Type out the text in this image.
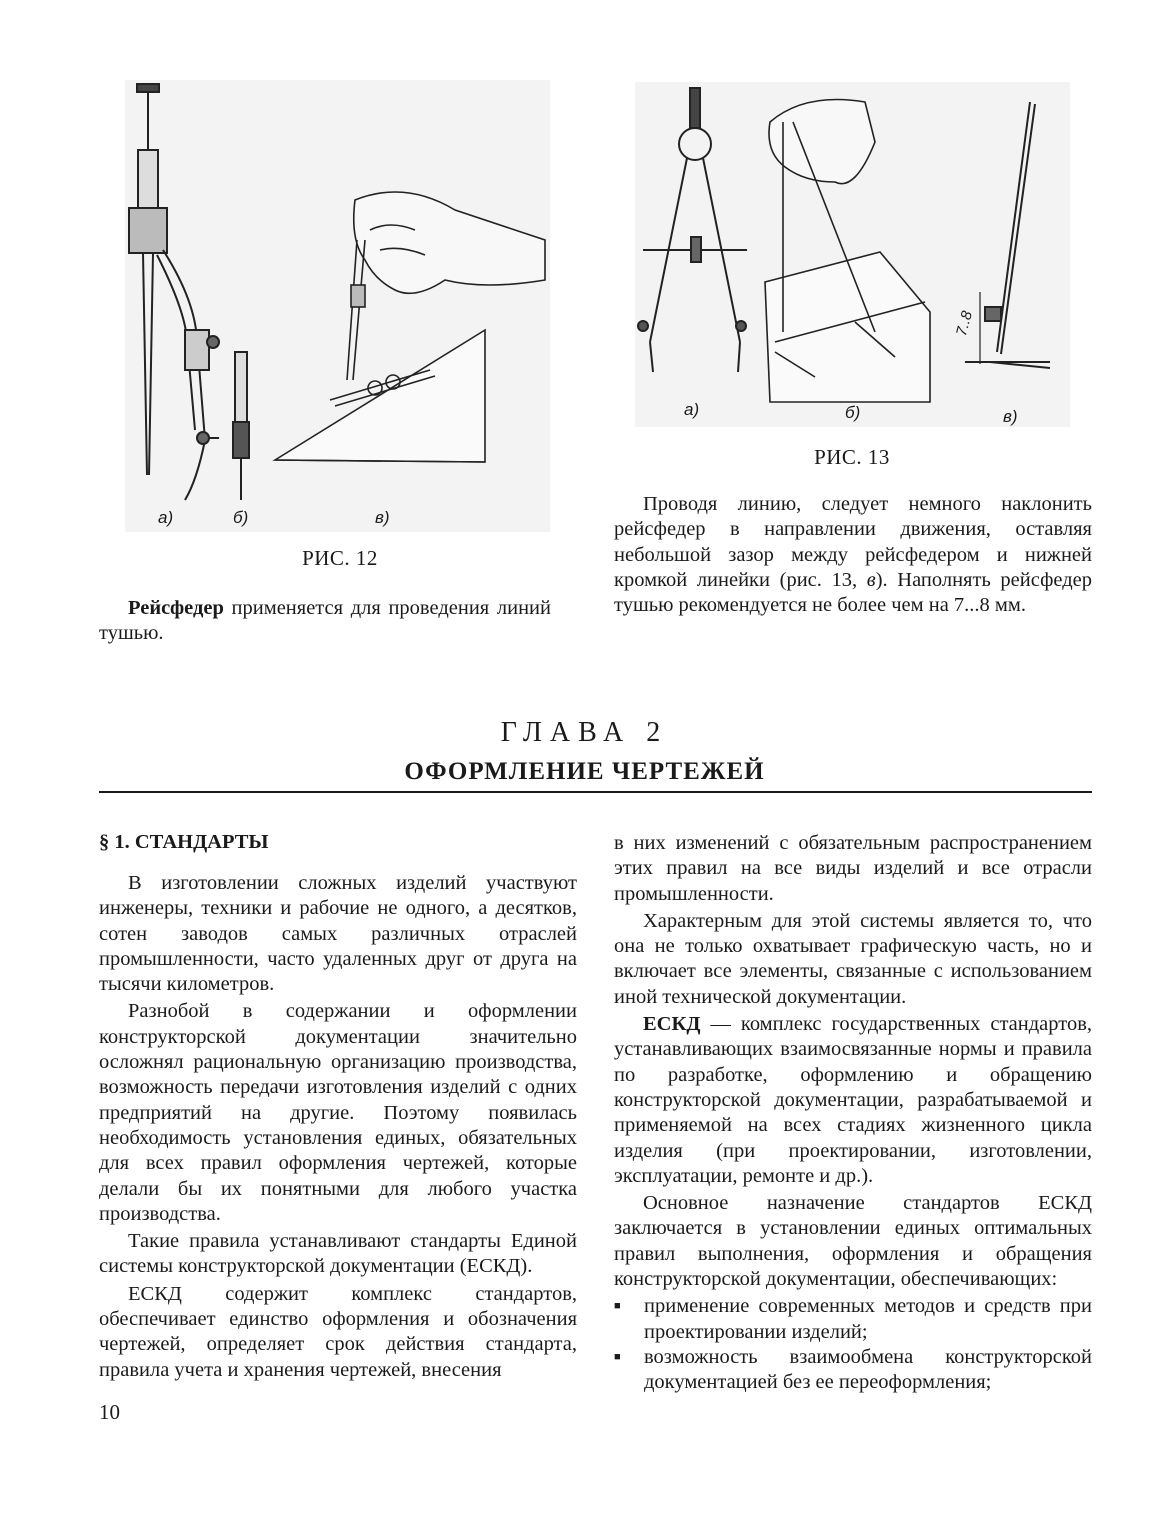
а)	б)	в)
РИС. 12
7..8
а)	б)	в)
РИС. 13

Рейсфедер применяется для проведения линий тушью.

Проводя линию, следует немного наклонить рейсфедер в направлении движения, оставляя небольшой зазор между рейсфедером и нижней кромкой линейки (рис. 13, в). Наполнять рейсфедер тушью рекомендуется не более чем на 7...8 мм.

ГЛАВА 2
ОФОРМЛЕНИЕ ЧЕРТЕЖЕЙ
§ 1. СТАНДАРТЫ

В изготовлении сложных изделий участвуют инженеры, техники и рабочие не одного, а десятков, сотен заводов самых различных отраслей промышленности, часто удаленных друг от друга на тысячи километров.

Разнобой в содержании и оформлении конструкторской документации значительно осложнял рациональную организацию производства, возможность передачи изготовления изделий с одних предприятий на другие. Поэтому появилась необходимость установления единых, обязательных для всех правил оформления чертежей, которые делали бы их понятными для любого участка производства.

Такие правила устанавливают стандарты Единой системы конструкторской документации (ЕСКД).

ЕСКД содержит комплекс стандартов, обеспечивает единство оформления и обозначения чертежей, определяет срок действия стандарта, правила учета и хранения чертежей, внесения

в них изменений с обязательным распространением этих правил на все виды изделий и все отрасли промышленности.

Характерным для этой системы является то, что она не только охватывает графическую часть, но и включает все элементы, связанные с использованием иной технической документации.

ЕСКД — комплекс государственных стандартов, устанавливающих взаимосвязанные нормы и правила по разработке, оформлению и обращению конструкторской документации, разрабатываемой и применяемой на всех стадиях жизненного цикла изделия (при проектировании, изготовлении, эксплуатации, ремонте и др.).

Основное назначение стандартов ЕСКД заключается в установлении единых оптимальных правил выполнения, оформления и обращения конструкторской документации, обеспечивающих:

■	применение современных методов и средств при проектировании изделий;
■	возможность взаимообмена конструкторской документацией без ее переоформления;
10
